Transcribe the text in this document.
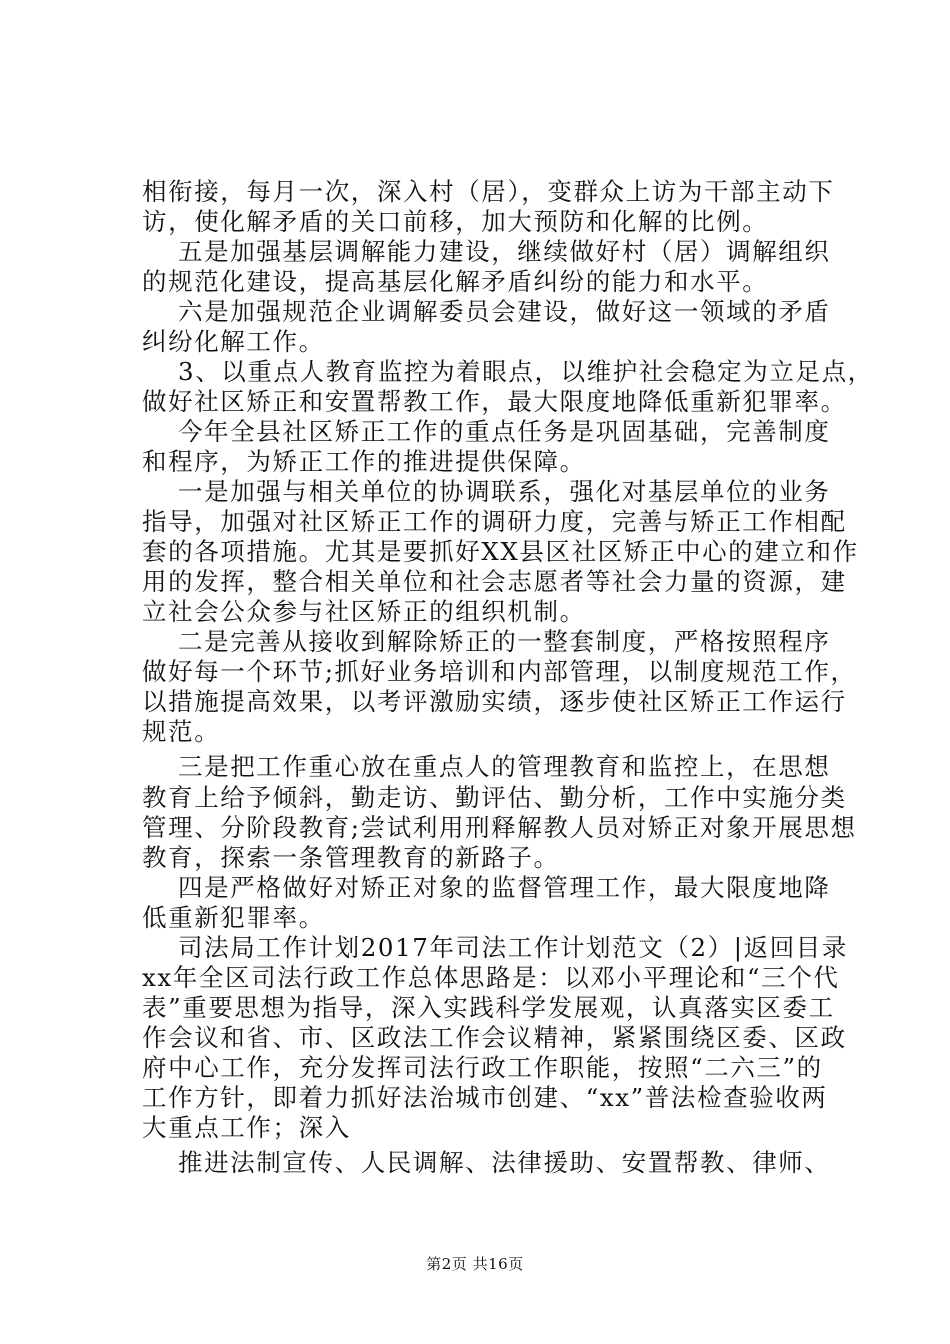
相衔接，每月一次，深入村（居），变群众上访为干部主动下
访，使化解矛盾的关口前移，加大预防和化解的比例。
五是加强基层调解能力建设，继续做好村（居）调解组织
的规范化建设，提高基层化解矛盾纠纷的能力和水平。
六是加强规范企业调解委员会建设，做好这一领域的矛盾
纠纷化解工作。
3、以重点人教育监控为着眼点，以维护社会稳定为立足点，
做好社区矫正和安置帮教工作，最大限度地降低重新犯罪率。
今年全县社区矫正工作的重点任务是巩固基础，完善制度
和程序，为矫正工作的推进提供保障。
一是加强与相关单位的协调联系，强化对基层单位的业务
指导，加强对社区矫正工作的调研力度，完善与矫正工作相配
套的各项措施。尤其是要抓好XX县区社区矫正中心的建立和作
用的发挥，整合相关单位和社会志愿者等社会力量的资源，建
立社会公众参与社区矫正的组织机制。
二是完善从接收到解除矫正的一整套制度，严格按照程序
做好每一个环节;抓好业务培训和内部管理，以制度规范工作，
以措施提高效果，以考评激励实绩，逐步使社区矫正工作运行
规范。
三是把工作重心放在重点人的管理教育和监控上，在思想
教育上给予倾斜，勤走访、勤评估、勤分析，工作中实施分类
管理、分阶段教育;尝试利用刑释解教人员对矫正对象开展思想
教育，探索一条管理教育的新路子。
四是严格做好对矫正对象的监督管理工作，最大限度地降
低重新犯罪率。
司法局工作计划2017年司法工作计划范文（2）|返回目录
xx年全区司法行政工作总体思路是：以邓小平理论和“三个代
表”重要思想为指导，深入实践科学发展观，认真落实区委工
作会议和省、市、区政法工作会议精神，紧紧围绕区委、区政
府中心工作，充分发挥司法行政工作职能，按照“二六三”的
工作方针，即着力抓好法治城市创建、“xx”普法检查验收两
大重点工作；深入
推进法制宣传、人民调解、法律援助、安置帮教、律师、
第2页 共16页
